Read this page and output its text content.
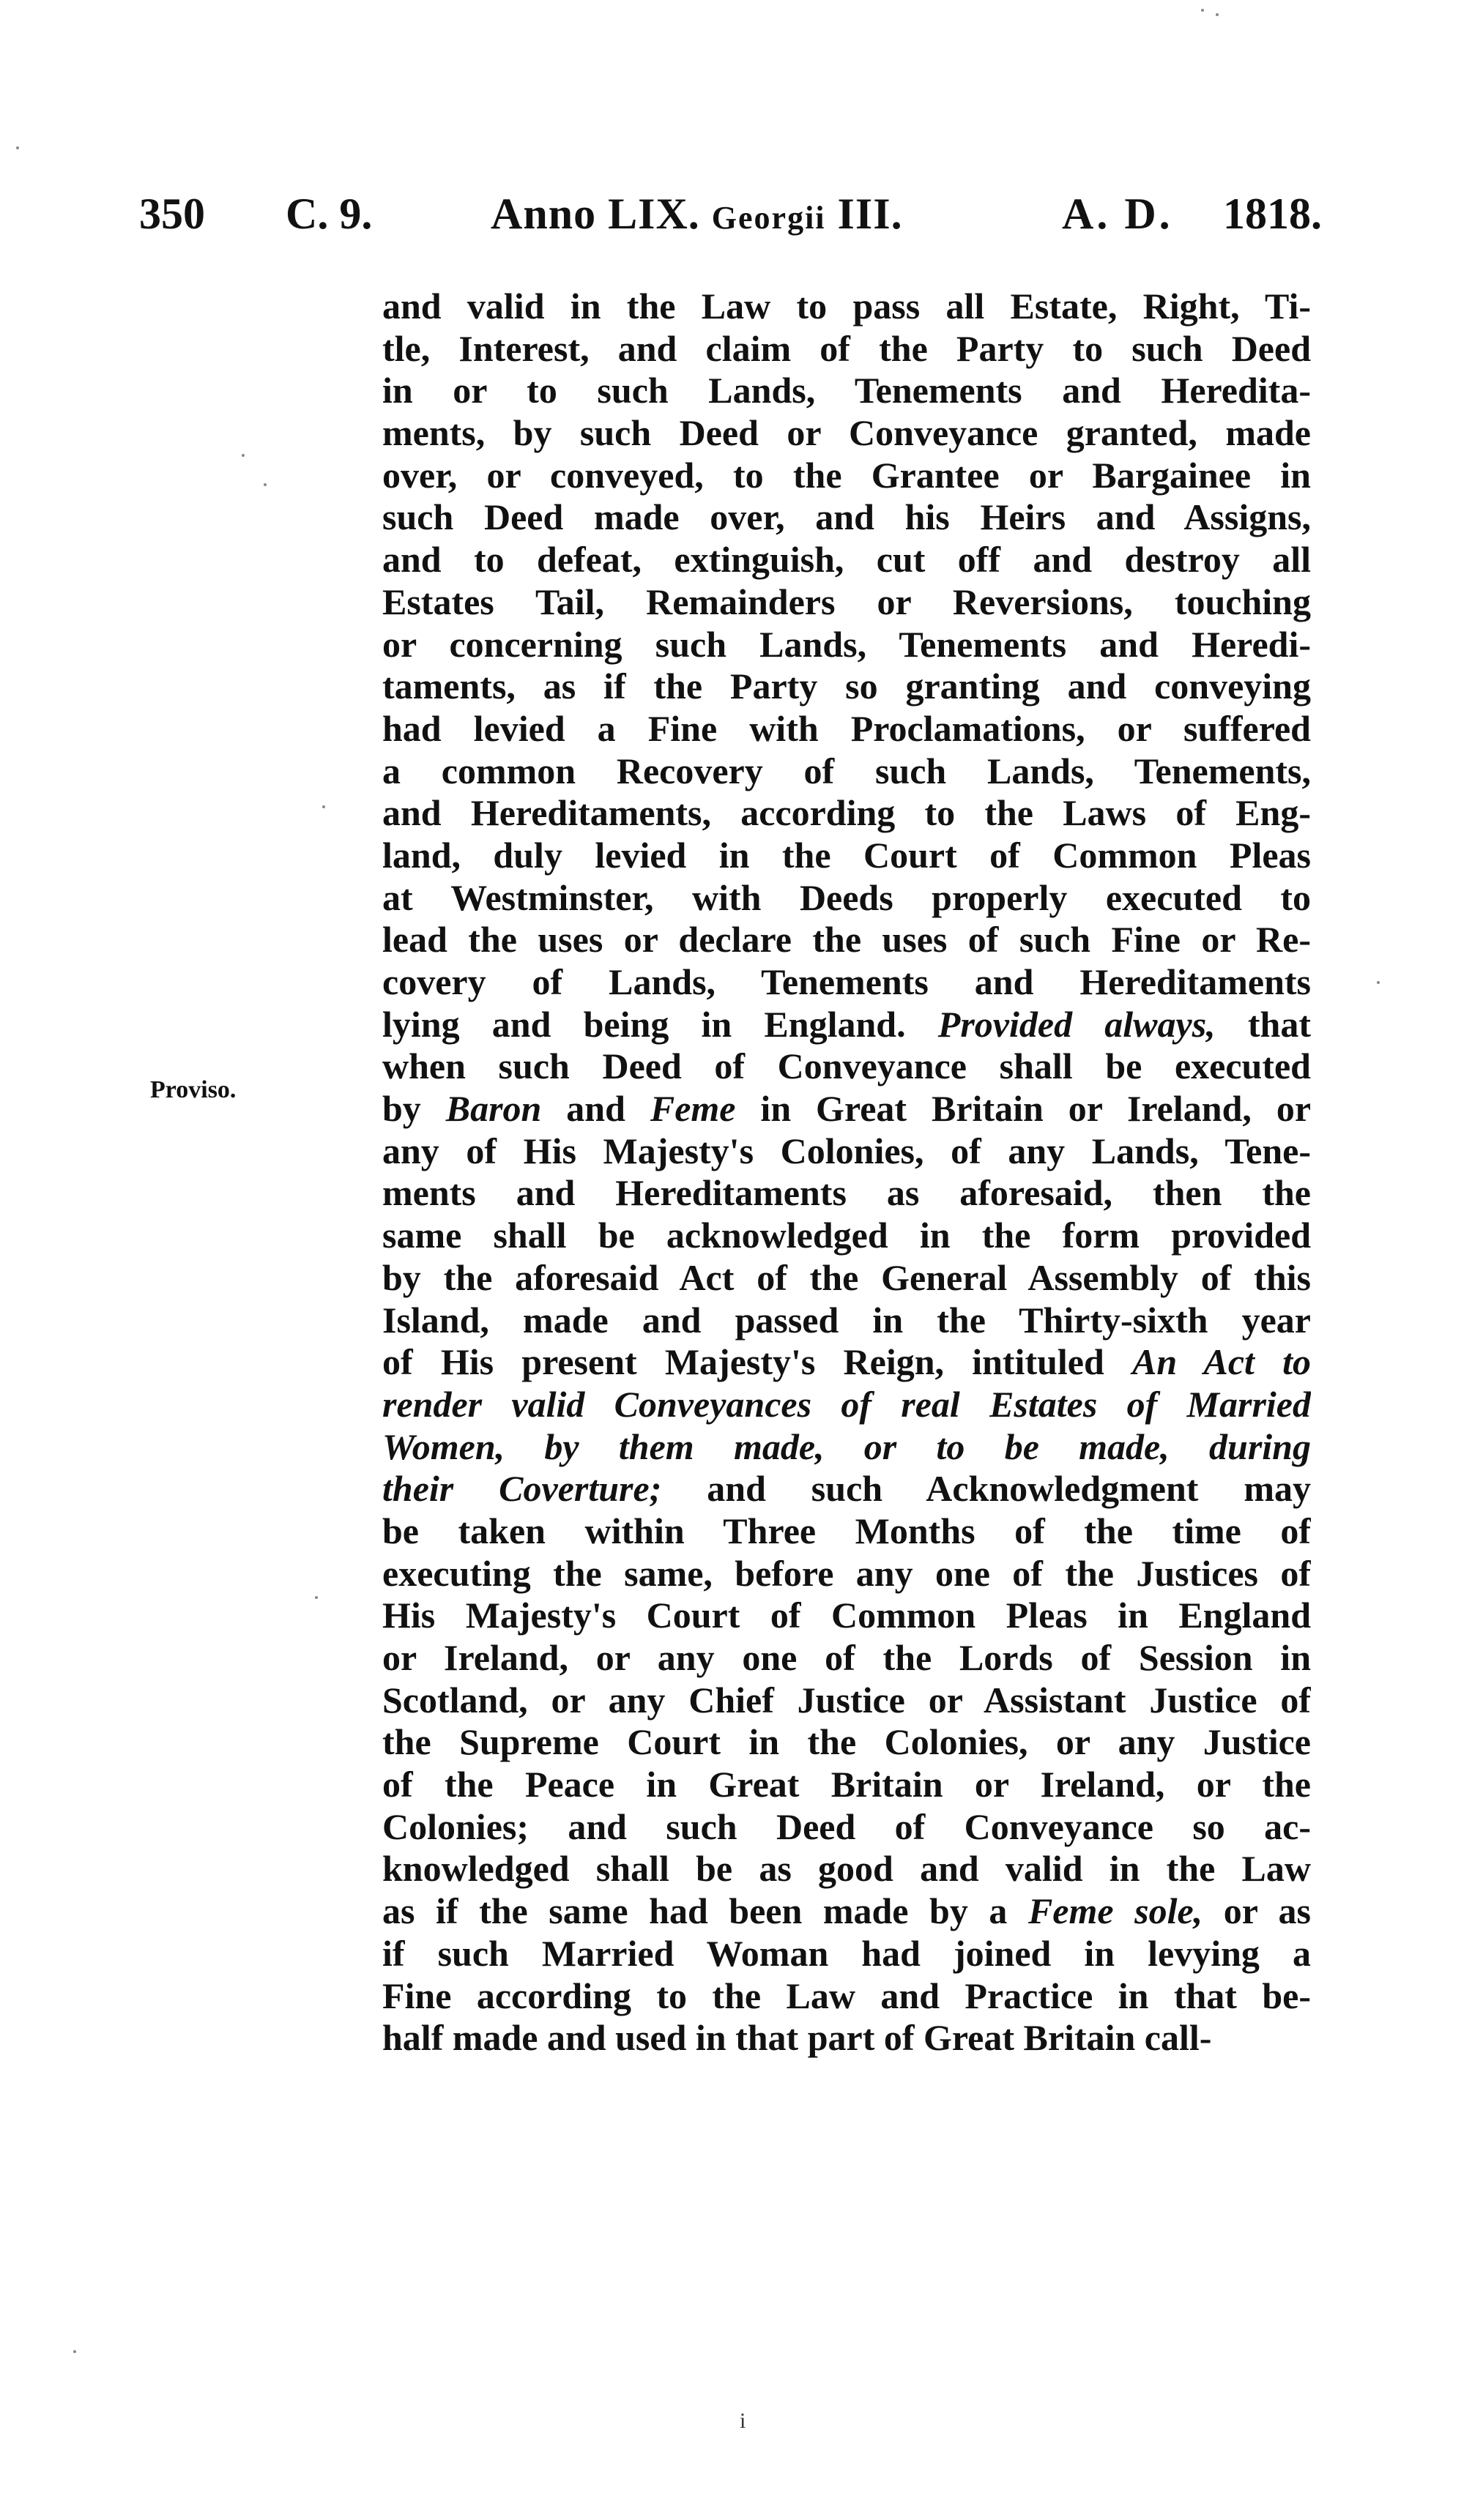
350 C. 9.	Anno LIX. Georgii III.	A. D. 1818.
Proviso.
and valid in the Law to pass all Estate, Right, Ti-
tle, Interest, and claim of the Party to such Deed
in or to such Lands, Tenements and Heredita-
ments, by such Deed or Conveyance granted, made
over, or conveyed, to the Grantee or Bargainee in
such Deed made over, and his Heirs and Assigns,
and to defeat, extinguish, cut off and destroy all
Estates Tail, Remainders or Reversions, touching
or concerning such Lands, Tenements and Heredi-
taments, as if the Party so granting and conveying
had levied a Fine with Proclamations, or suffered
a common Recovery of such Lands, Tenements,
and Hereditaments, according to the Laws of Eng-
land, duly levied in the Court of Common Pleas
at Westminster, with Deeds properly executed to
lead the uses or declare the uses of such Fine or Re-
covery of Lands, Tenements and Hereditaments
lying and being in England. Provided always, that
when such Deed of Conveyance shall be executed
by Baron and Feme in Great Britain or Ireland, or
any of His Majesty's Colonies, of any Lands, Tene-
ments and Hereditaments as aforesaid, then the
same shall be acknowledged in the form provided
by the aforesaid Act of the General Assembly of this
Island, made and passed in the Thirty-sixth year
of His present Majesty's Reign, intituled An Act to
render valid Conveyances of real Estates of Married
Women, by them made, or to be made, during
their Coverture; and such Acknowledgment may
be taken within Three Months of the time of
executing the same, before any one of the Justices of
His Majesty's Court of Common Pleas in England
or Ireland, or any one of the Lords of Session in
Scotland, or any Chief Justice or Assistant Justice of
the Supreme Court in the Colonies, or any Justice
of the Peace in Great Britain or Ireland, or the
Colonies; and such Deed of Conveyance so ac-
knowledged shall be as good and valid in the Law
as if the same had been made by a Feme sole, or as
if such Married Woman had joined in levying a
Fine according to the Law and Practice in that be-
half made and used in that part of Great Britain call-
i
